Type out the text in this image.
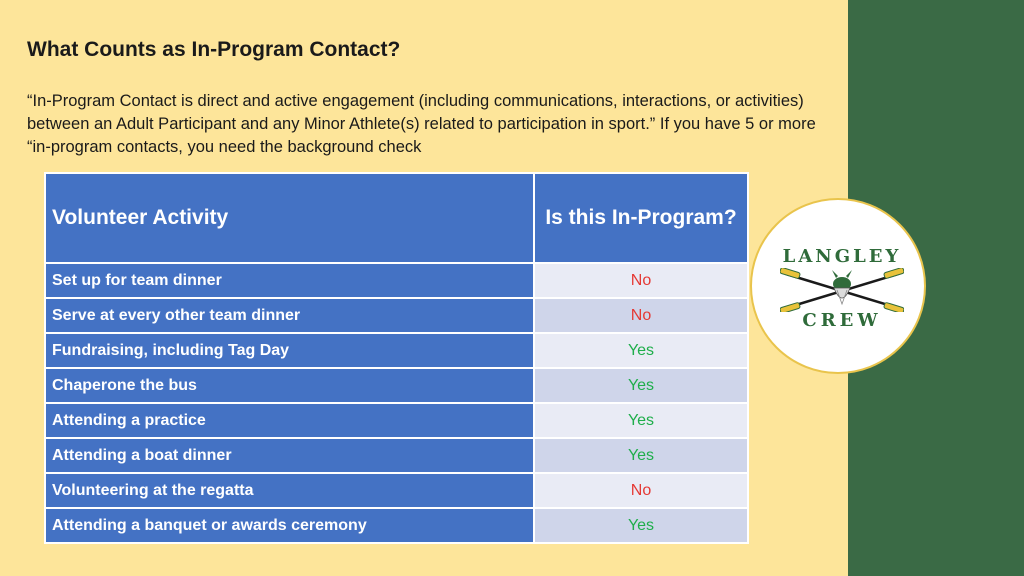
What Counts as In-Program Contact?

“In-Program Contact is direct and active engagement (including communications, interactions, or activities) between an Adult Participant and any Minor Athlete(s) related to participation in sport.” If you have 5 or more “in-program contacts, you need the background check

Volunteer Activity	Is this In-Program?
Set up for team dinner	No
Serve at every other team dinner	No
Fundraising, including Tag Day	Yes
Chaperone the bus	Yes
Attending a practice	Yes
Attending a boat dinner	Yes
Volunteering at the regatta	No
Attending a banquet or awards ceremony	Yes
LANGLEY
CREW
